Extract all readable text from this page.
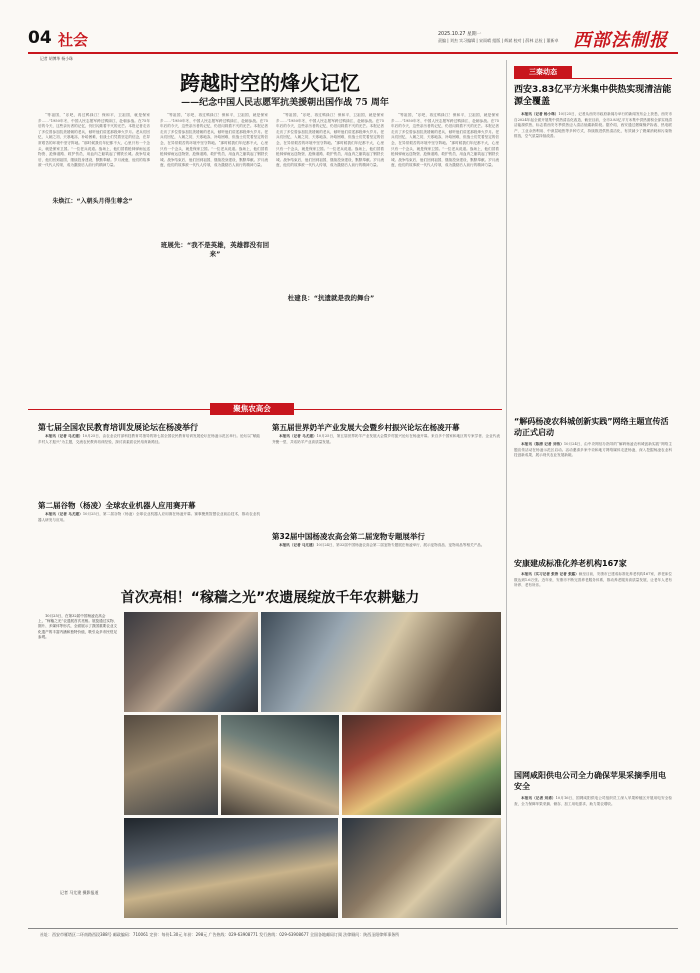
04 社会	2025.10.27 星期一
责编 | 刘杰 实习编辑 | 宋雨晴 组版 | 辉斌 校对 | 薛林 总检 | 董新卓 西部法制报
记者 胡博华 杨小珠
跨越时空的烽火记忆
——纪念中国人民志愿军抗美援朝出国作战 75 周年

“等祖国，“乐吧，再过鸭绿江！保和平，卫祖国，就是保家乡……”1950年冬，中国人民志愿军跨过鸭绿江，赴朝参战。在75年后的今天，这些亲历者的记忆，仍旧闪烁着不灭的光芒。本报记者走访了多位曾参加抗美援朝的老兵，倾听他们讲述那段烽火岁月。老兵们回忆，入朝之初，天寒地冻，补给困难，但战士们凭着坚定的信念，在异常艰苦的环境中坚守阵地。“那时候我们年纪都不大，心里只有一个念头，就是保家卫国。”一位老兵说道。战场上，他们冒着枪林弹雨运送物资、抢修道路、救护伤员，用血肉之躯筑起了钢铁长城。战争结束后，他们回到祖国，继续投身建设，默默奉献。岁月流逝，他们的故事被一代代人传颂，成为激励后人前行的精神力量。

朱焕江：“入朝头月得生尊念”

“等祖国，“乐吧，再过鸭绿江！保和平，卫祖国，就是保家乡……”1950年冬，中国人民志愿军跨过鸭绿江，赴朝参战。在75年后的今天，这些亲历者的记忆，仍旧闪烁着不灭的光芒。本报记者走访了多位曾参加抗美援朝的老兵，倾听他们讲述那段烽火岁月。老兵们回忆，入朝之初，天寒地冻，补给困难，但战士们凭着坚定的信念，在异常艰苦的环境中坚守阵地。“那时候我们年纪都不大，心里只有一个念头，就是保家卫国。”一位老兵说道。战场上，他们冒着枪林弹雨运送物资、抢修道路、救护伤员，用血肉之躯筑起了钢铁长城。战争结束后，他们回到祖国，继续投身建设，默默奉献。岁月流逝，他们的故事被一代代人传颂，成为激励后人前行的精神力量。

班展先：“我不是英雄，英雄都没有回来”

“等祖国，“乐吧，再过鸭绿江！保和平，卫祖国，就是保家乡……”1950年冬，中国人民志愿军跨过鸭绿江，赴朝参战。在75年后的今天，这些亲历者的记忆，仍旧闪烁着不灭的光芒。本报记者走访了多位曾参加抗美援朝的老兵，倾听他们讲述那段烽火岁月。老兵们回忆，入朝之初，天寒地冻，补给困难，但战士们凭着坚定的信念，在异常艰苦的环境中坚守阵地。“那时候我们年纪都不大，心里只有一个念头，就是保家卫国。”一位老兵说道。战场上，他们冒着枪林弹雨运送物资、抢修道路、救护伤员，用血肉之躯筑起了钢铁长城。战争结束后，他们回到祖国，继续投身建设，默默奉献。岁月流逝，他们的故事被一代代人传颂，成为激励后人前行的精神力量。

杜建良：“抗遗就是我的舞台”

“等祖国，“乐吧，再过鸭绿江！保和平，卫祖国，就是保家乡……”1950年冬，中国人民志愿军跨过鸭绿江，赴朝参战。在75年后的今天，这些亲历者的记忆，仍旧闪烁着不灭的光芒。本报记者走访了多位曾参加抗美援朝的老兵，倾听他们讲述那段烽火岁月。老兵们回忆，入朝之初，天寒地冻，补给困难，但战士们凭着坚定的信念，在异常艰苦的环境中坚守阵地。“那时候我们年纪都不大，心里只有一个念头，就是保家卫国。”一位老兵说道。战场上，他们冒着枪林弹雨运送物资、抢修道路、救护伤员，用血肉之躯筑起了钢铁长城。战争结束后，他们回到祖国，继续投身建设，默默奉献。岁月流逝，他们的故事被一代代人传颂，成为激励后人前行的精神力量。

三秦动态
西安3.83亿平方米集中供热实现清洁能源全覆盖

本报讯（记者 杨小珠）10月25日，记者从西安市政府新闻办举行的新闻发布会上获悉，西安市自2024年起全面开展集中供热清洁化改造，截至目前，全市3.83亿平方米集中供热面积全部实现清洁能源供热，标志着西安冬季供热迈入清洁低碳新阶段。据介绍，西安通过燃煤锅炉拆改、热电联产、工业余热利用、中深层地热等多种方式，持续推进供热清洁化，有效减少了燃煤消耗和污染物排放，空气质量持续改善。

“解码杨凌农科城创新实践”网络主题宣传活动正式启动

本报讯（陈清 记者 刘伟）10月24日，由中央网信办指导的“解码杨凌农科城创新实践”网络主题宣传活动在杨凌示范区启动。活动邀请多家中央和地方网络媒体走进杨凌，深入挖掘杨凌农业科技创新成果，展示现代农业发展新貌。

安康建成标准化养老机构167家

本报讯（实习记者 张涛 记者 张露）截至目前，安康市已建成标准化养老机构167家，养老床位数达到1.6万张。近年来，安康市不断完善养老服务体系，推动养老服务高质量发展，让老年人老有所养、老有所乐。

国网咸阳供电公司全力确保苹果采摘季用电安全

本报讯（记者 刘勇）10月16日，国网咸阳供电公司组织员工深入苹果种植区开展用电安全检查，全力保障苹果采摘、储存、加工用电需求，助力果农增收。

聚焦农高会
第七届全国农民教育培训发展论坛在杨凌举行

本报讯（记者 马尤建）10月25日，由农业农村部科技教育司指导的第七届全国农民教育培训发展论坛在杨凌示范区举行。论坛以“赋能乡村人才振兴”为主题，交流农民教育培训经验，探讨高素质农民培育新路径。

第五届世界奶羊产业发展大会暨乡村振兴论坛在杨凌开幕

本报讯（记者 马尤建）10月25日，第五届世界奶羊产业发展大会暨乡村振兴论坛在杨凌开幕。来自多个国家和地区的专家学者、企业代表齐聚一堂，共话奶羊产业高质量发展。

第二届谷物（杨凌）全球农业机器人应用赛开幕

本报讯（记者 马尤建）10月25日，第二届谷物（杨凌）全球农业机器人应用赛在杨凌开幕。赛事聚焦智慧农业前沿技术，推动农业机器人研发与应用。

第32届中国杨凌农高会第二届宠物专题展举行

本报讯（记者 马尤建）10月24日，第32届中国杨凌农高会第二届宠物专题展在杨凌举行，展示宠物食品、宠物用品等相关产品。

首次亮相！“稼穑之光”农遗展绽放千年农耕魅力
10月25日，在第32届中国杨凌农高会上，“稼穑之光”农遗展首次亮相。展览通过实物、图片、多媒体等形式，全面展示了我国重要农业文化遗产的丰富内涵和独特价值，吸引众多市民驻足参观。
记者 马尤建 摄影报道
社址：西安市雁塔区二环南路西段388号 邮政编码：710061 定价：每份1.30元 年价：298元 广告热线：029-63908771 发行热线：029-63908677 全国各地邮局订阅 法律顾问：陕西圣阳律师事务所
